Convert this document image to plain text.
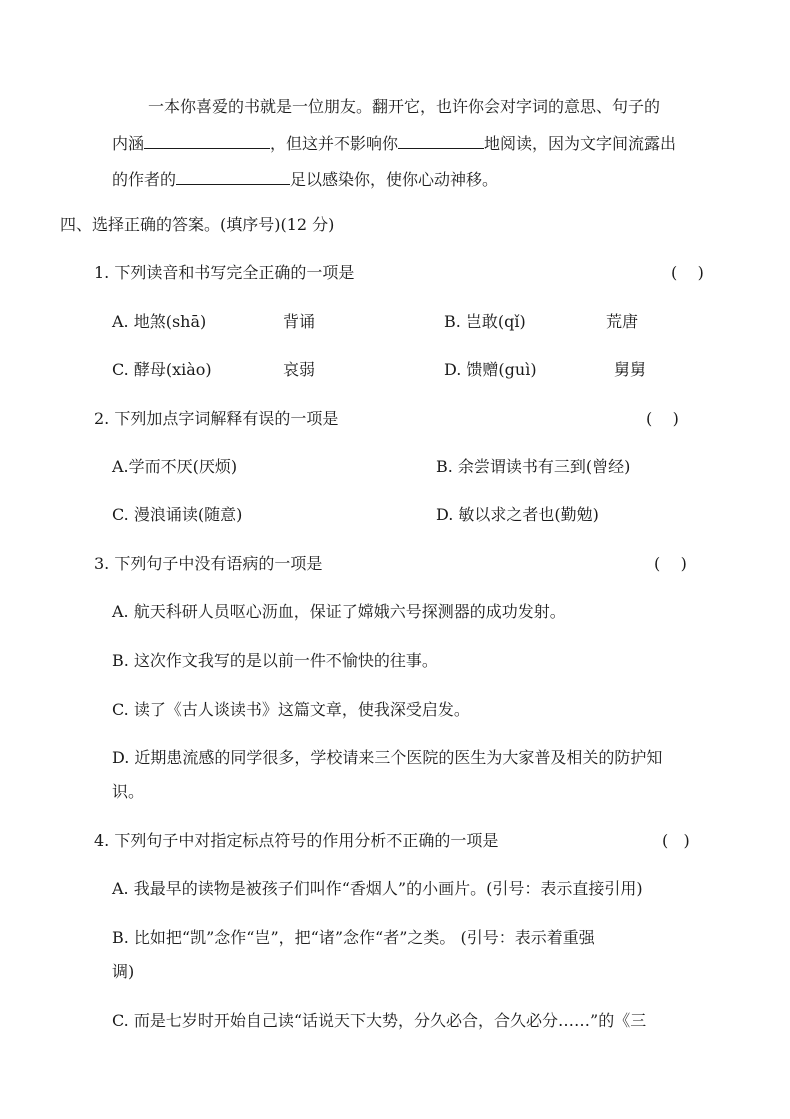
一本你喜爱的书就是一位朋友。翻开它，也许你会对字词的意思、句子的
内涵	，但这并不影响你	地阅读，因为文字间流露出
的作者的	足以感染你，使你心动神移。
四、选择正确的答案。(填序号)(12 分)
1. 下列读音和书写完全正确的一项是	(    )
A. 地煞(shā)	背诵	B. 岂敢(qǐ)	荒唐
C. 酵母(xiào)	哀弱	D. 馈赠(guì)	舅舅
2. 下列加点字词解释有误的一项是	(    )
A.学而不厌(厌烦)	B. 余尝谓读书有三到(曾经)
C. 漫浪诵读(随意)	D. 敏以求之者也(勤勉)
3. 下列句子中没有语病的一项是	(    )
A. 航天科研人员呕心沥血，保证了嫦娥六号探测器的成功发射。
B. 这次作文我写的是以前一件不愉快的往事。
C. 读了《古人谈读书》这篇文章，使我深受启发。
D. 近期患流感的同学很多，学校请来三个医院的医生为大家普及相关的防护知
识。
4. 下列句子中对指定标点符号的作用分析不正确的一项是	(   )
A. 我最早的读物是被孩子们叫作“香烟人”的小画片。(引号：表示直接引用)
B. 比如把“凯”念作“岂”，把“诸”念作“者”之类。 (引号：表示着重强
调)
C. 而是七岁时开始自己读“话说天下大势，分久必合，合久必分……”的《三
